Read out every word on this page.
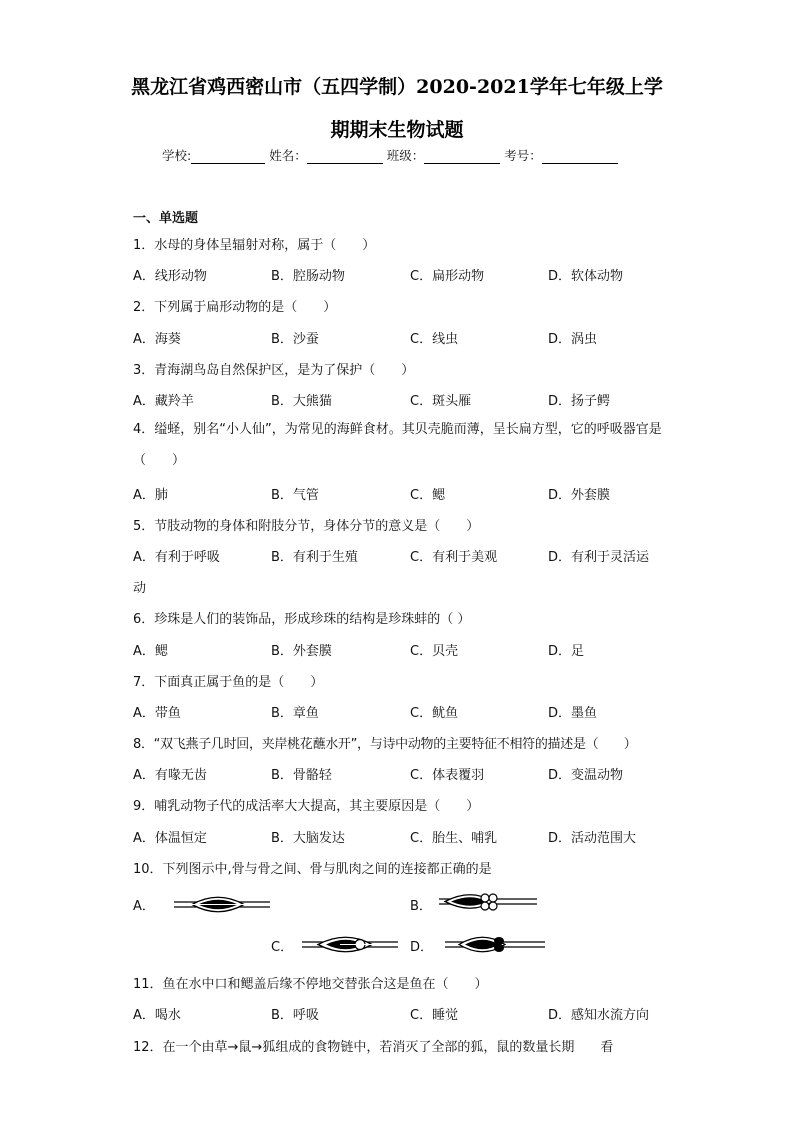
黑龙江省鸡西密山市（五四学制）2020-2021学年七年级上学
期期末生物试题
学校:	姓名：	班级：	考号：
一、单选题
1．水母的身体呈辐射对称，属于（　　）
A．线形动物	B．腔肠动物	C．扁形动物	D．软体动物
2．下列属于扁形动物的是（　　）
A．海葵	B．沙蚕	C．线虫	D．涡虫
3．青海湖鸟岛自然保护区，是为了保护（　　）
A．藏羚羊	B．大熊猫	C．斑头雁	D．扬子鳄
4．缢蛏，别名“小人仙”，为常见的海鲜食材。其贝壳脆而薄，呈长扁方型，它的呼吸器官是（　　）
A．肺	B．气管	C．鳃	D．外套膜
5．节肢动物的身体和附肢分节，身体分节的意义是（　　）
A．有利于呼吸	B．有利于生殖	C．有利于美观	D．有利于灵活运
动
6．珍珠是人们的装饰品，形成珍珠的结构是珍珠蚌的（ ）
A．鳃	B．外套膜	C．贝壳	D．足
7．下面真正属于鱼的是（　　）
A．带鱼	B．章鱼	C．鱿鱼	D．墨鱼
8．“双飞燕子几时回，夹岸桃花蘸水开”，与诗中动物的主要特征不相符的描述是（　　）
A．有喙无齿	B．骨骼轻	C．体表覆羽	D．变温动物
9．哺乳动物子代的成活率大大提高，其主要原因是（　　）
A．体温恒定	B．大脑发达	C．胎生、哺乳	D．活动范围大
10．下列图示中,骨与骨之间、骨与肌肉之间的连接都正确的是
A．	B．
C．	D．
11．鱼在水中口和鳃盖后缘不停地交替张合这是鱼在（　　）
A．喝水	B．呼吸	C．睡觉	D．感知水流方向
12．在一个由草→鼠→狐组成的食物链中，若消灭了全部的狐，鼠的数量长期　　看
